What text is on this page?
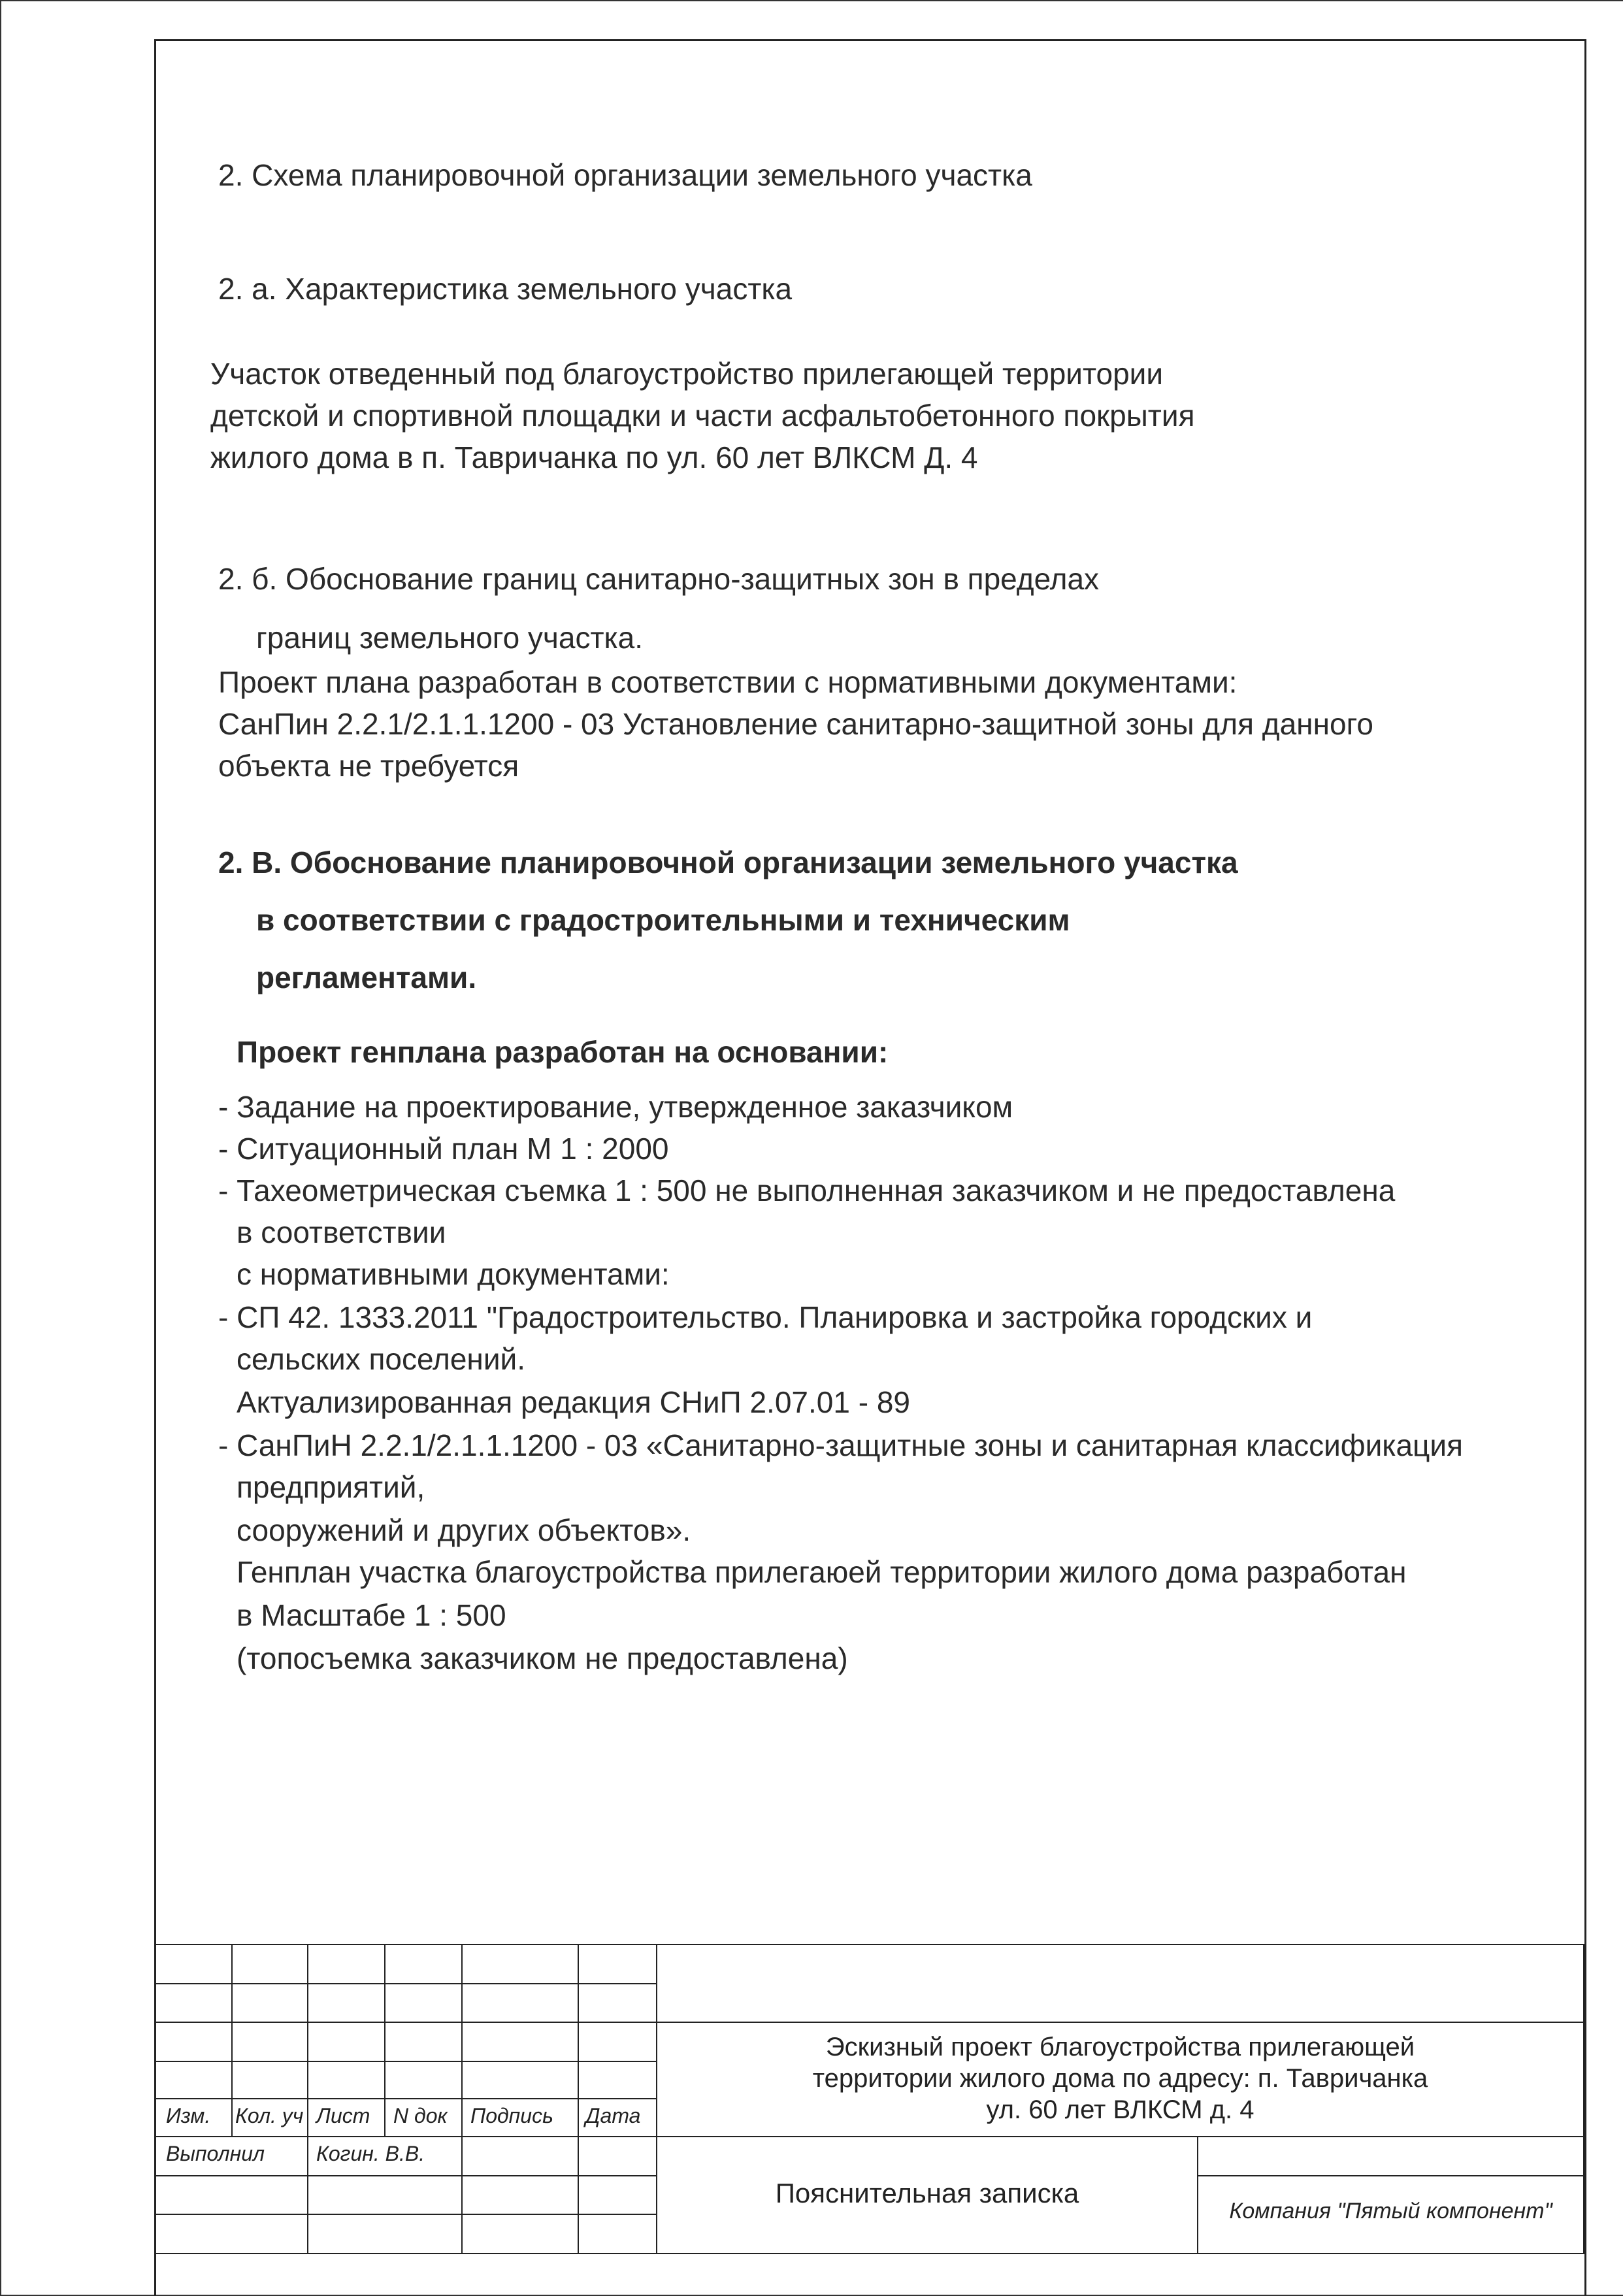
2. Схема планировочной организации земельного участка
2. а. Характеристика земельного участка
Участок отведенный под благоустройство прилегающей территории
детской и спортивной площадки и части асфальтобетонного покрытия
жилого дома в п. Тавричанка по ул. 60 лет ВЛКСМ Д. 4
2. б. Обоснование границ санитарно-защитных зон в пределах
границ земельного участка.
Проект плана разработан в соответствии с нормативными документами:
СанПин 2.2.1/2.1.1.1200 - 03 Установление санитарно-защитной зоны для данного
объекта не требуется
2. В. Обоснование планировочной организации земельного участка
в соответствии с градостроительными и техническим
регламентами.
Проект генплана разработан на основании:
- Задание на проектирование, утвержденное заказчиком
- Ситуационный план М 1 : 2000
- Тахеометрическая съемка 1 : 500 не выполненная заказчиком и не предоставлена
в соответствии
с нормативными документами:
- СП 42. 1333.2011 "Градостроительство. Планировка и застройка городских и
сельских поселений.
Актуализированная редакция СНиП 2.07.01 - 89
- СанПиН 2.2.1/2.1.1.1200 - 03 «Санитарно-защитные зоны и санитарная классификация
предприятий,
сооружений и других объектов».
Генплан участка благоустройства прилегаюей территории жилого дома разработан
в Масштабе 1 : 500
(топосъемка заказчиком не предоставлена)
Изм. Кол. уч Лист N док Подпись Дата
Выполнил Когин. В.В.
Эскизный проект благоустройства прилегающей
территории жилого дома по адресу: п. Тавричанка
ул. 60 лет ВЛКСМ д. 4
Пояснительная записка
Компания "Пятый компонент"
